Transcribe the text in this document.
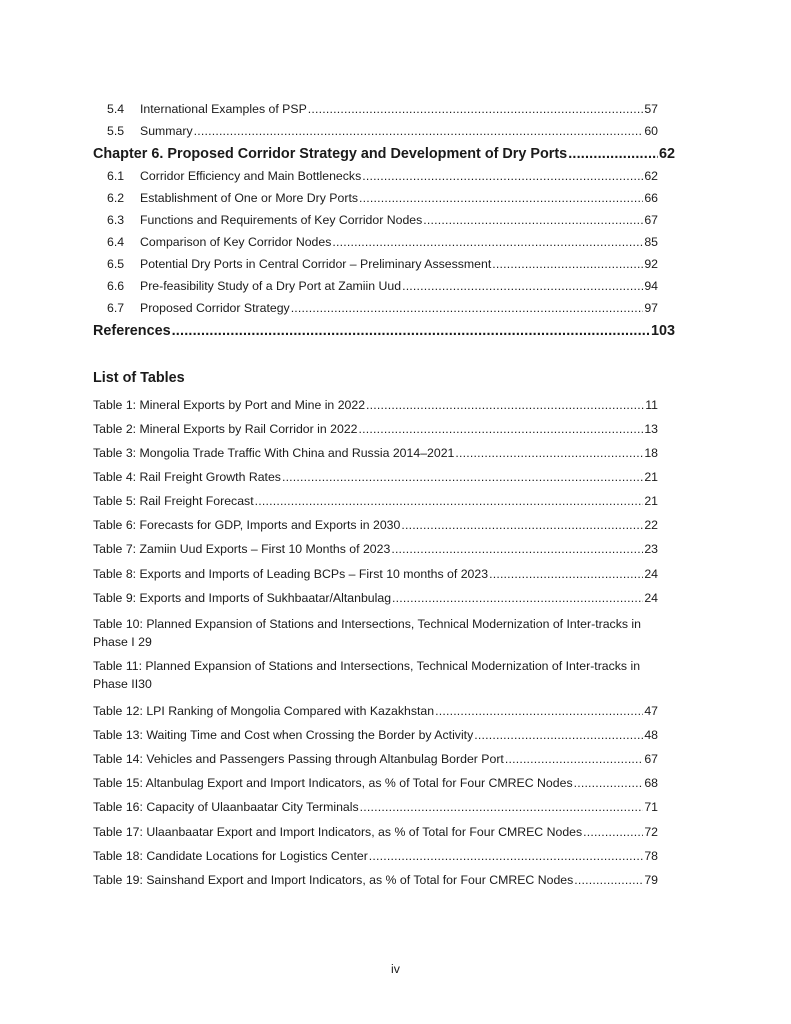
5.4	International Examples of PSP .....	57
5.5	Summary .....	60
Chapter 6. Proposed Corridor Strategy and Development of Dry Ports .....	62
6.1	Corridor Efficiency and Main Bottlenecks .....	62
6.2	Establishment of One or More Dry Ports .....	66
6.3	Functions and Requirements of Key Corridor Nodes .....	67
6.4	Comparison of Key Corridor Nodes .....	85
6.5	Potential Dry Ports in Central Corridor – Preliminary Assessment .....	92
6.6	Pre-feasibility Study of a Dry Port at Zamiin Uud .....	94
6.7	Proposed Corridor Strategy .....	97
References .....	103
List of Tables
Table 1: Mineral Exports by Port and Mine in 2022 .....	11
Table 2: Mineral Exports by Rail Corridor in 2022 .....	13
Table 3: Mongolia Trade Traffic With China and Russia 2014–2021 .....	18
Table 4: Rail Freight Growth Rates .....	21
Table 5: Rail Freight Forecast .....	21
Table 6: Forecasts for GDP, Imports and Exports in 2030 .....	22
Table 7: Zamiin Uud Exports – First 10 Months of 2023 .....	23
Table 8: Exports and Imports of Leading BCPs – First 10 months of 2023 .....	24
Table 9: Exports and Imports of Sukhbaatar/Altanbulag .....	24
Table 10: Planned Expansion of Stations and Intersections, Technical Modernization of Inter-tracks in
Phase I 29
Table 11: Planned Expansion of Stations and Intersections, Technical Modernization of Inter-tracks in
Phase II30
Table 12: LPI Ranking of Mongolia Compared with Kazakhstan .....	47
Table 13: Waiting Time and Cost when Crossing the Border by Activity .....	48
Table 14: Vehicles and Passengers Passing through Altanbulag Border Port .....	67
Table 15: Altanbulag Export and Import Indicators, as % of Total for Four CMREC Nodes .....	68
Table 16: Capacity of Ulaanbaatar City Terminals .....	71
Table 17: Ulaanbaatar Export and Import Indicators, as % of Total for Four CMREC Nodes .....	72
Table 18: Candidate Locations for Logistics Center .....	78
Table 19: Sainshand Export and Import Indicators, as % of Total for Four CMREC Nodes .....	79
iv
